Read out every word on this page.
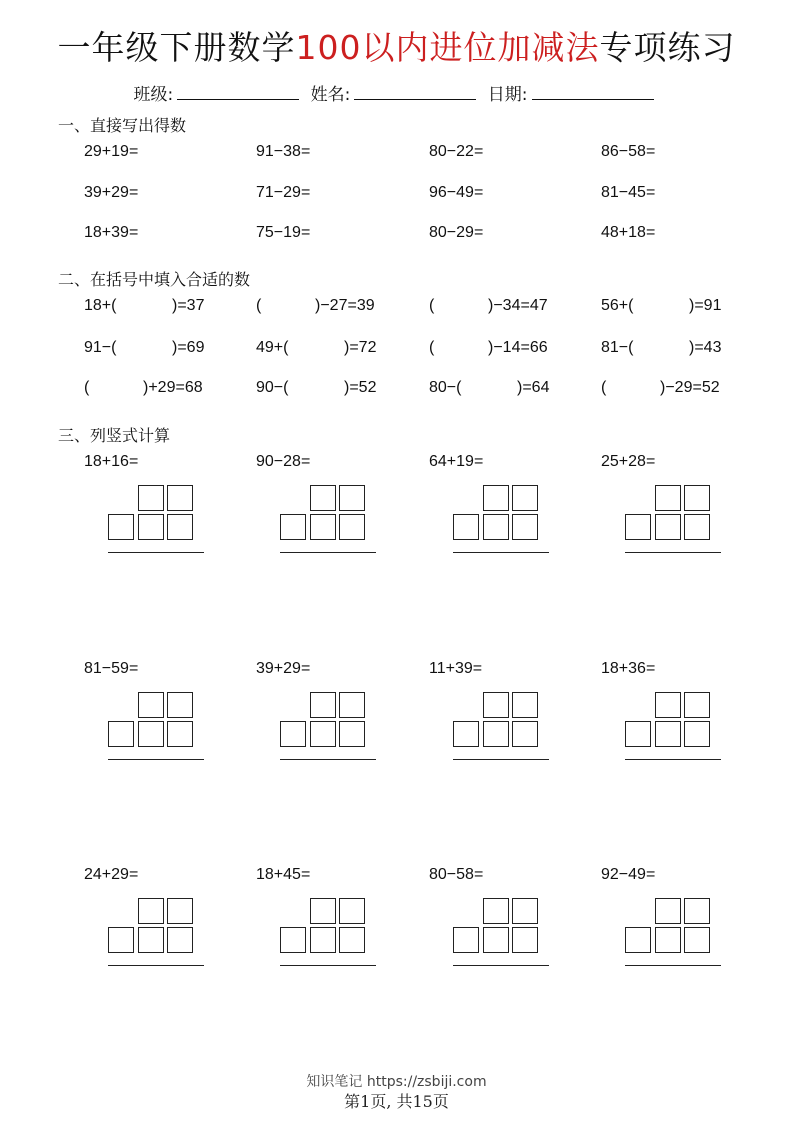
一年级下册数学100以内进位加减法专项练习
班级:	姓名:	日期:
一、直接写出得数
29+19=	91−38=	80−22=	86−58=
39+29=	71−29=	96−49=	81−45=
18+39=	75−19=	80−29=	48+18=
二、在括号中填入合适的数
18+(	)=37	(	)−27=39	(	)−34=47	56+(	)=91
91−(	)=69	49+(	)=72	(	)−14=66	81−(	)=43
(	)+29=68	90−(	)=52	80−(	)=64	(	)−29=52
三、列竖式计算
18+16=	90−28=	64+19=	25+28=
81−59=	39+29=	11+39=	18+36=
24+29=	18+45=	80−58=	92−49=
知识笔记 https://zsbiji.com
第1页, 共15页
